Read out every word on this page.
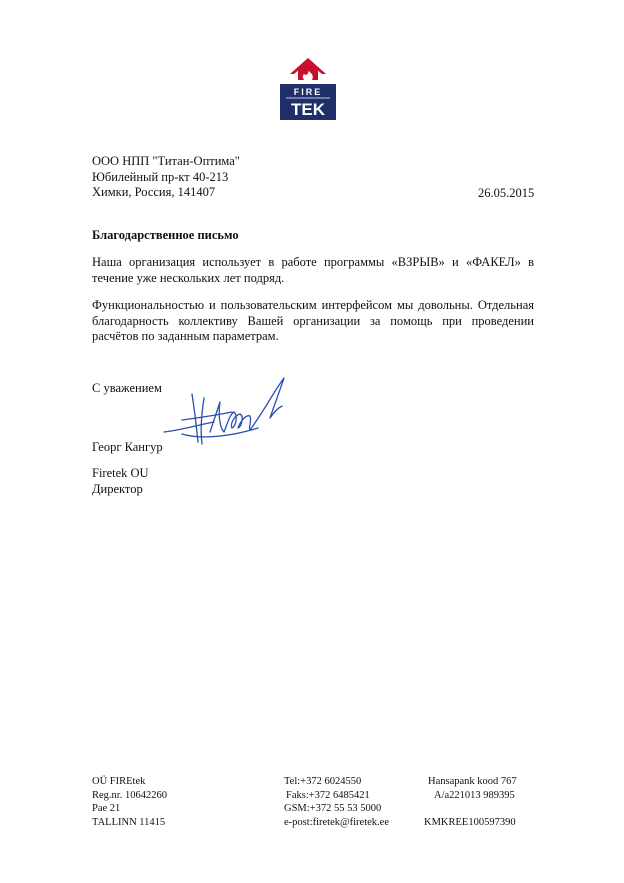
FIRE
TEK
ООО НПП "Титан-Оптима"
Юбилейный пр-кт 40-213
Химки, Россия, 141407	26.05.2015
Благодарственное письмо

Наша организация использует в работе программы «ВЗРЫВ» и «ФАКЕЛ» в течение уже нескольких лет подряд.

Функциональностью и пользовательским интерфейсом мы довольны. Отдельная благодарность коллективу Вашей организации за помощь при проведении расчётов по заданным параметрам.

С уважением
Георг Кангур
Firetek OU
Директор
OÜ FIREtek
Reg.nr. 10642260
Pae 21
TALLINN 11415
Tel:+372 6024550
Faks:+372 6485421
GSM:+372 55 53 5000
e-post:firetek@firetek.ee
Hansapank kood 767
A/a221013 989395
KMKREE100597390
